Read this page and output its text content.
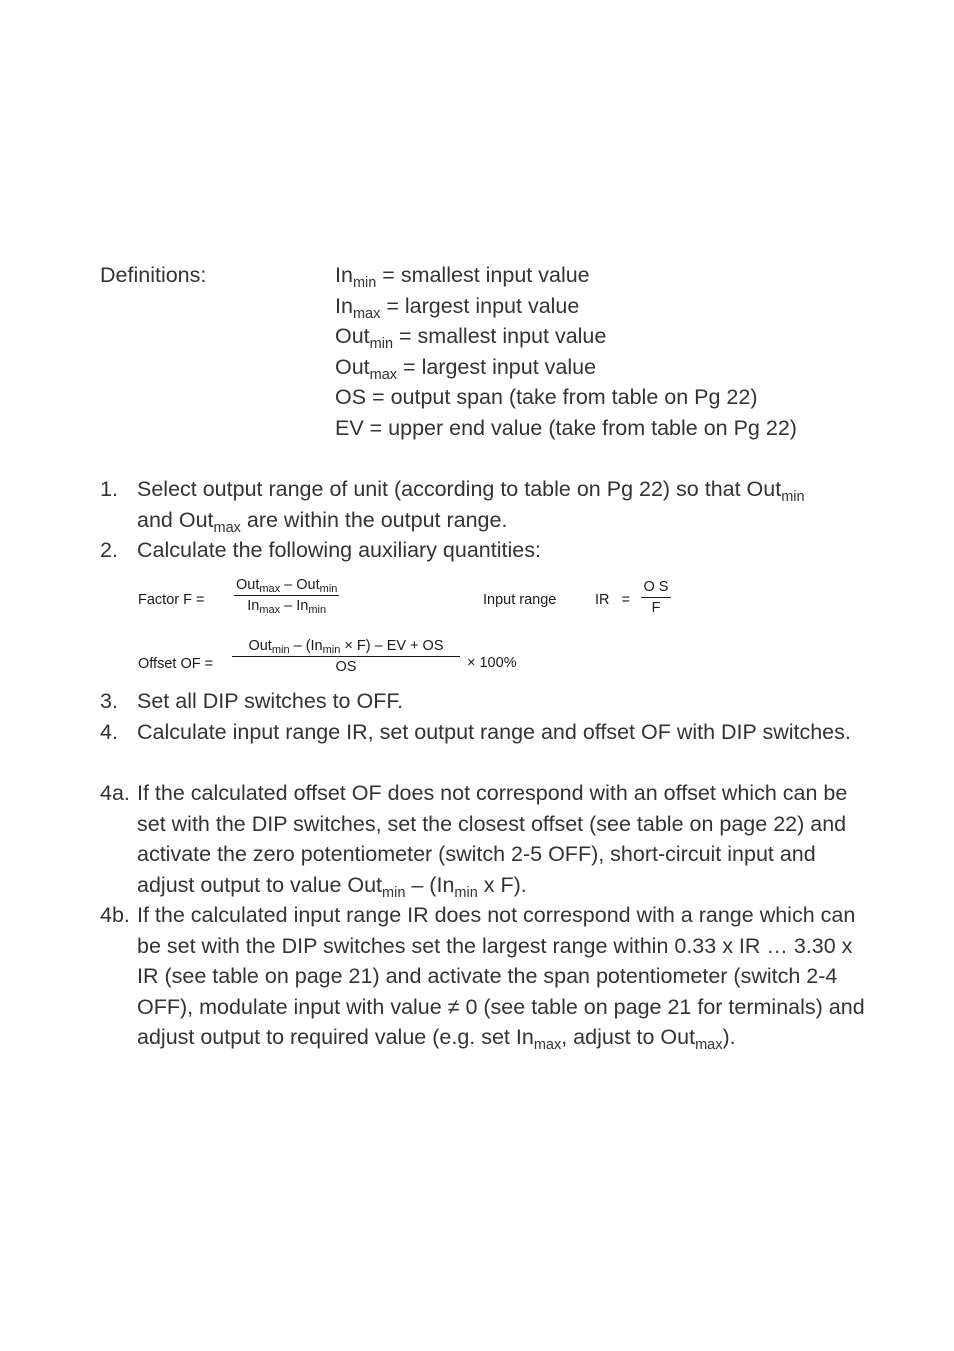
Definitions:	$In_{min}$ = smallest input value
$In_{max}$ = largest input value
Out$_{min}$ = smallest input value
Out$_{max}$ = largest input value
OS = output span (take from table on Pg 22)
EV = upper end value (take from table on Pg 22)
1. Select output range of unit (according to table on Pg 22) so that Out$_{min}$
and Out$_{max}$ are within the output range.
2. Calculate the following auxiliary quantities:
Factor F =
Out$_{max}$ – Out$_{min}$
$In_{max} - In_{min}$
Input range	IR   = $\frac{\text{O S}}{F}$
Offset OF =
$Out_{min} - (In_{min} \times F)$ – EV + OS
OS	× 100%
3. Set all DIP switches to OFF.
4. Calculate input range IR, set output range and offset OF with DIP switches.
4a. If the calculated offset OF does not correspond with an offset which can be set with the DIP switches, set the closest offset (see table on page 22) and activate the zero potentiometer (switch 2-5 OFF), short-circuit input and adjust output to value $Out_{min} - (In_{min}$ x F).
4b. If the calculated input range IR does not correspond with a range which can be set with the DIP switches set the largest range within 0.33 x IR … 3.30 x IR (see table on page 21) and activate the span potentiometer (switch 2-4 OFF), modulate input with value ≠ 0 (see table on page 21 for terminals) and adjust output to required value (e.g. set $In_{max}$, adjust to Out$_{max}$).
